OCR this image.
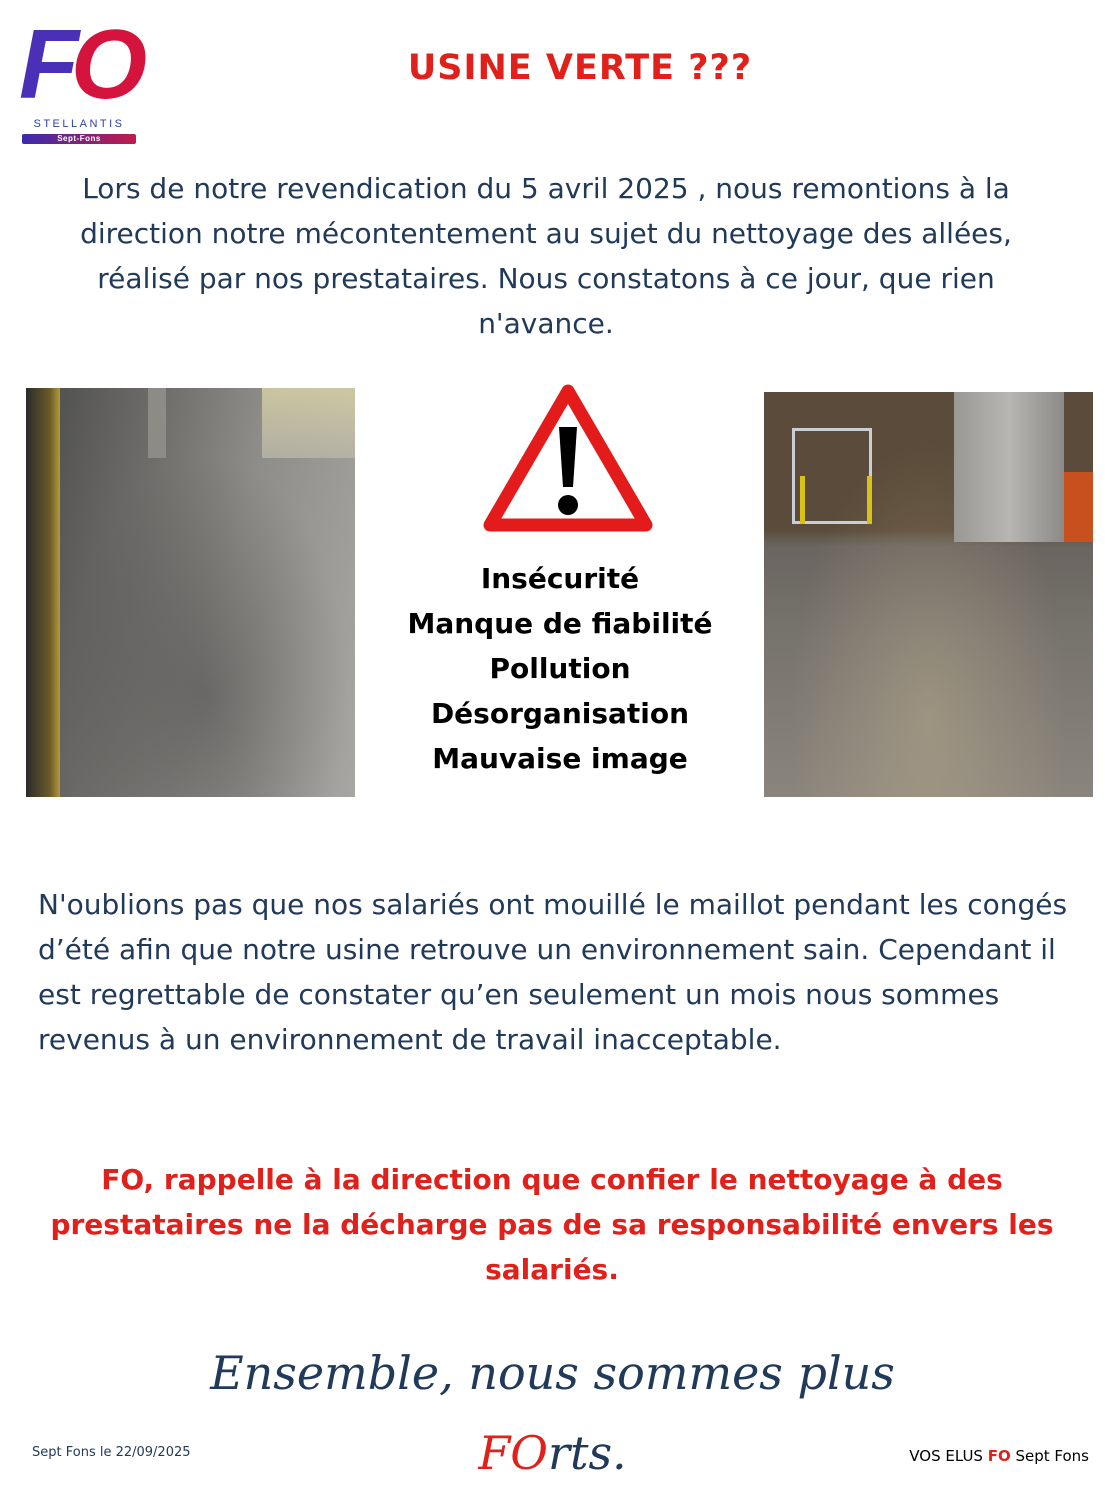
FO
STELLANTIS
Sept-Fons
USINE VERTE ???

Lors de notre revendication du 5 avril 2025 , nous remontions à la direction notre mécontentement au sujet du nettoyage des allées, réalisé par nos prestataires. Nous constatons à ce jour, que rien n'avance.

Insécurité
Manque de fiabilité
Pollution
Désorganisation
Mauvaise image

N'oublions pas que nos salariés ont mouillé le maillot pendant les congés d’été afin que notre usine retrouve un environnement sain. Cependant il est regrettable de constater qu’en seulement un mois nous sommes revenus à un environnement de travail inacceptable.

FO, rappelle à la direction que confier le nettoyage à des prestataires ne la décharge pas de sa responsabilité envers les salariés.

Ensemble, nous sommes plus FOrts.

Sept Fons le 22/09/2025	VOS ELUS FO Sept Fons
